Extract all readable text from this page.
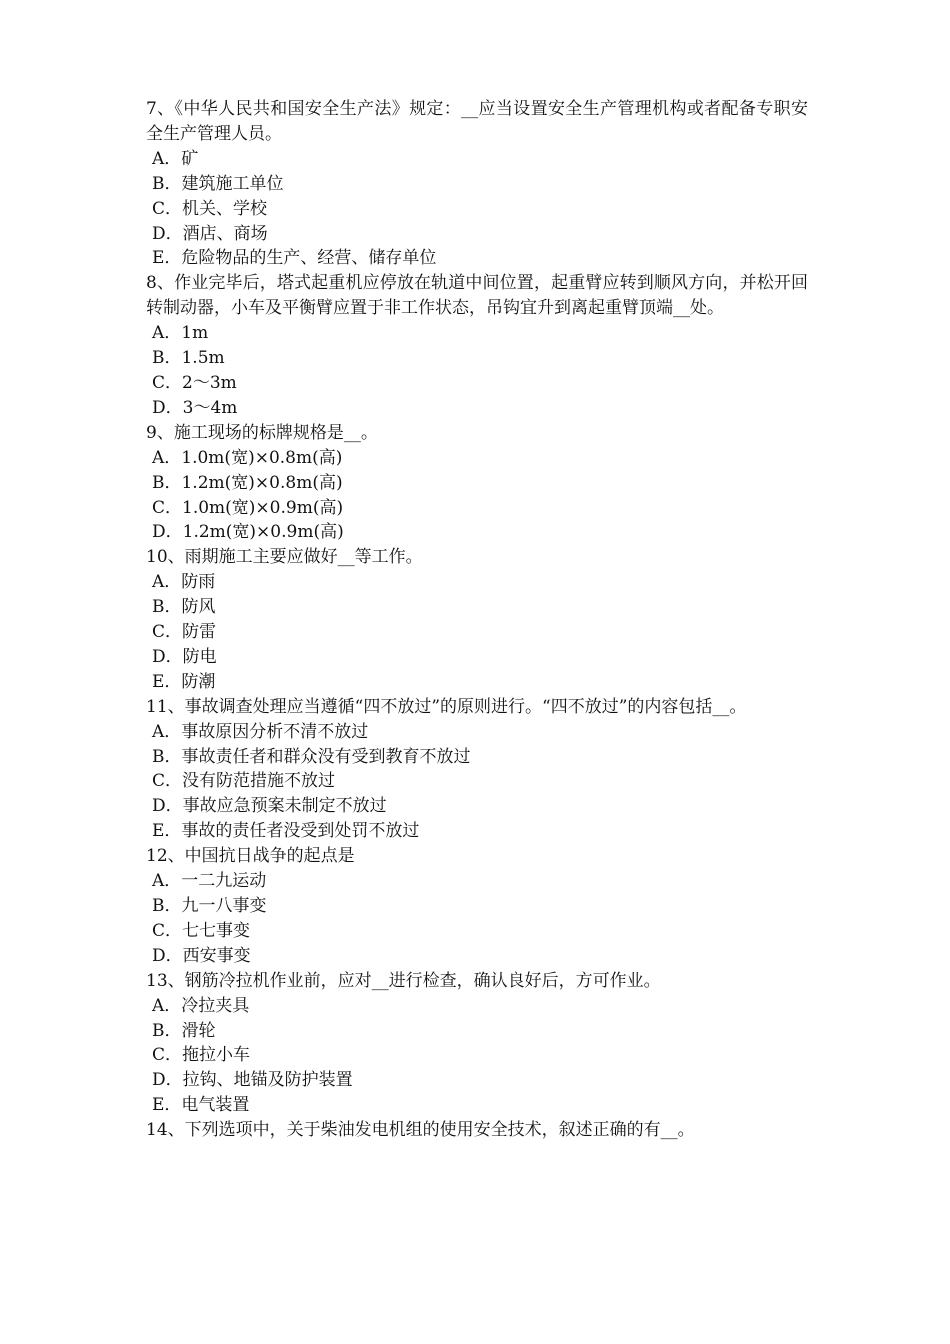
7、《中华人民共和国安全生产法》规定：__应当设置安全生产管理机构或者配备专职安全生产管理人员。

A．矿

B．建筑施工单位

C．机关、学校

D．酒店、商场

E．危险物品的生产、经营、储存单位

8、作业完毕后，塔式起重机应停放在轨道中间位置，起重臂应转到顺风方向，并松开回转制动器，小车及平衡臂应置于非工作状态，吊钩宜升到离起重臂顶端__处。

A．1m

B．1.5m

C．2～3m

D．3～4m

9、施工现场的标牌规格是__。

A．1.0m(宽)×0.8m(高)

B．1.2m(宽)×0.8m(高)

C．1.0m(宽)×0.9m(高)

D．1.2m(宽)×0.9m(高)

10、雨期施工主要应做好__等工作。

A．防雨

B．防风

C．防雷

D．防电

E．防潮

11、事故调查处理应当遵循“四不放过”的原则进行。“四不放过”的内容包括__。

A．事故原因分析不清不放过

B．事故责任者和群众没有受到教育不放过

C．没有防范措施不放过

D．事故应急预案未制定不放过

E．事故的责任者没受到处罚不放过

12、中国抗日战争的起点是

A．一二九运动

B．九一八事变

C．七七事变

D．西安事变

13、钢筋冷拉机作业前，应对__进行检查，确认良好后，方可作业。

A．冷拉夹具

B．滑轮

C．拖拉小车

D．拉钩、地锚及防护装置

E．电气装置

14、下列选项中，关于柴油发电机组的使用安全技术，叙述正确的有__。
